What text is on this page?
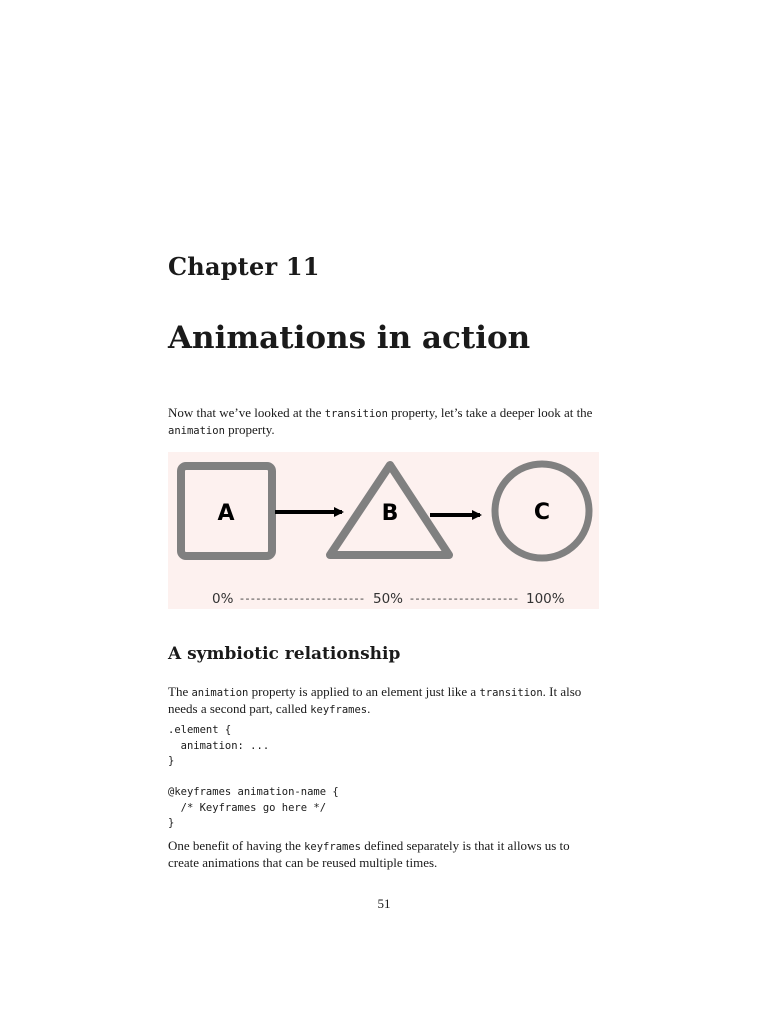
Chapter 11
Animations in action

Now that we’ve looked at the transition property, let’s take a deeper look at the animation property.

A	B	C
0% ----------------------- 50% -------------------- 100%
A symbiotic relationship

The animation property is applied to an element just like a transition. It also needs a second part, called keyframes.

.element {
animation: ...
}

@keyframes animation-name {
/* Keyframes go here */
}

One benefit of having the keyframes defined separately is that it allows us to create animations that can be reused multiple times.

51
